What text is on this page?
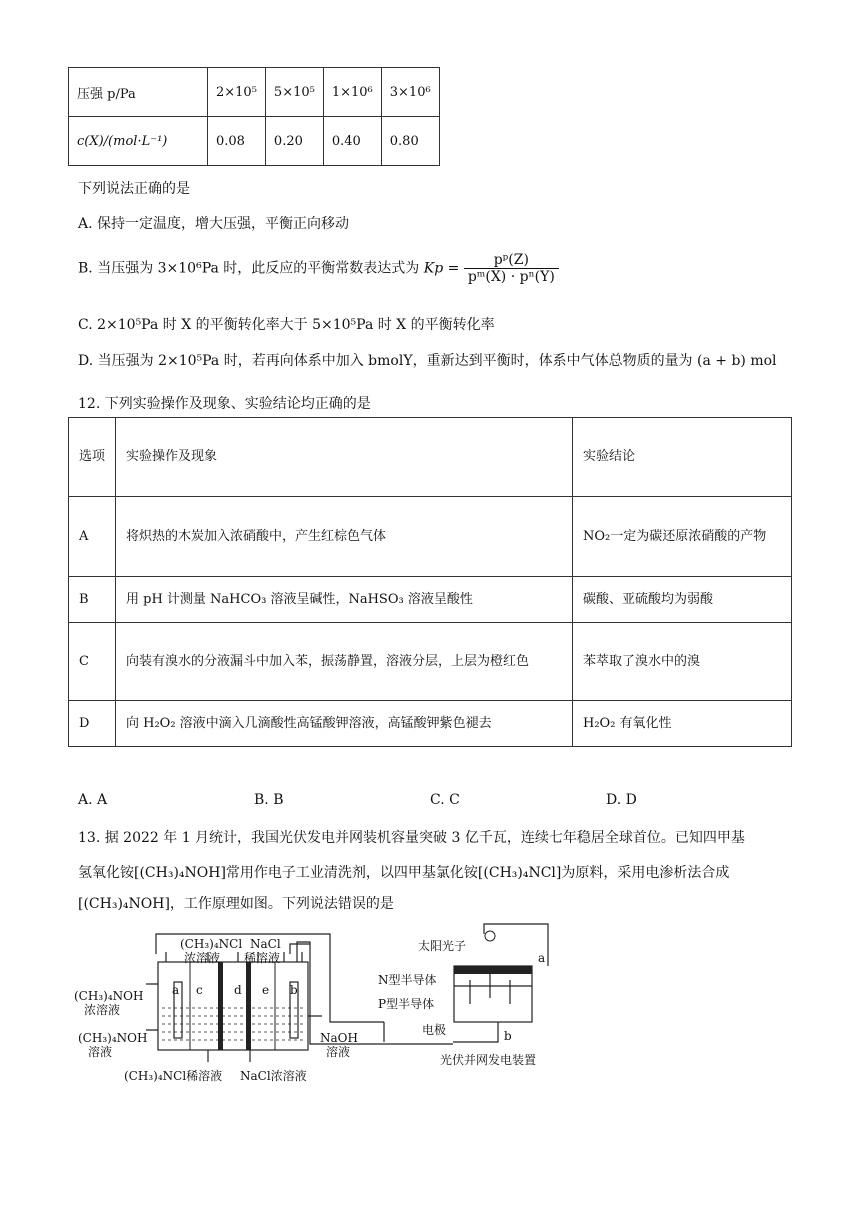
压强 p/Pa	2×10⁵	5×10⁵	1×10⁶	3×10⁶
c(X)/(mol·L⁻¹)	0.08	0.20	0.40	0.80
下列说法正确的是
A. 保持一定温度，增大压强，平衡正向移动
B. 当压强为 3×10⁶Pa 时，此反应的平衡常数表达式为 $Kp = \frac{\text{pᵖ(Z)}}{\text{pᵐ(X) · pⁿ(Y)}}$
C. 2×10⁵Pa 时 X 的平衡转化率大于 5×10⁵Pa 时 X 的平衡转化率
D. 当压强为 2×10⁵Pa 时，若再向体系中加入 bmolY，重新达到平衡时，体系中气体总物质的量为 (a + b) mol
12. 下列实验操作及现象、实验结论均正确的是
选项	实验操作及现象	实验结论
A	将炽热的木炭加入浓硝酸中，产生红棕色气体	NO₂一定为碳还原浓硝酸的产物
B	用 pH 计测量 NaHCO₃ 溶液呈碱性，NaHSO₃ 溶液呈酸性	碳酸、亚硫酸均为弱酸
C	向装有溴水的分液漏斗中加入苯，振荡静置，溶液分层，上层为橙红色	苯萃取了溴水中的溴
D	向 H₂O₂ 溶液中滴入几滴酸性高锰酸钾溶液，高锰酸钾紫色褪去	H₂O₂ 有氧化性
A. A	B. B	C. C	D. D
13. 据 2022 年 1 月统计，我国光伏发电并网装机容量突破 3 亿千瓦，连续七年稳居全球首位。已知四甲基
氢氧化铵[(CH₃)₄NOH]常用作电子工业清洗剂，以四甲基氯化铵[(CH₃)₄NCl]为原料，采用电渗析法合成
[(CH₃)₄NOH]，工作原理如图。下列说法错误的是
(CH₃)₄NCl
浓溶液
NaCl
稀溶液
(CH₃)₄NOH
浓溶液
(CH₃)₄NOH
溶液
NaOH
溶液
(CH₃)₄NCl稀溶液 NaCl浓溶液
a c	d e b
太阳光子
N型半导体
P型半导体
电极
a
b
光伏并网发电装置
